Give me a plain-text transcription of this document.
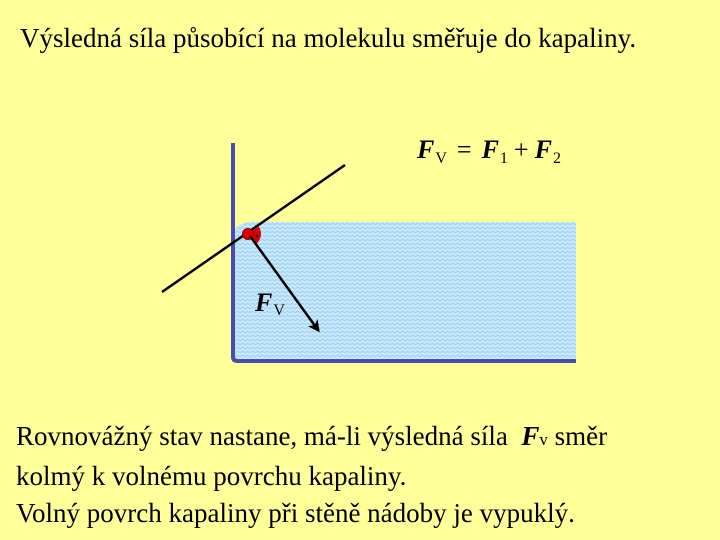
Výsledná síla působící na molekulu směřuje do kapaliny.
FV
FV = F1 + F2
Rovnovážný stav nastane, má-li výsledná síla Fv směr
kolmý k volnému povrchu kapaliny.
Volný povrch kapaliny při stěně nádoby je vypuklý.
